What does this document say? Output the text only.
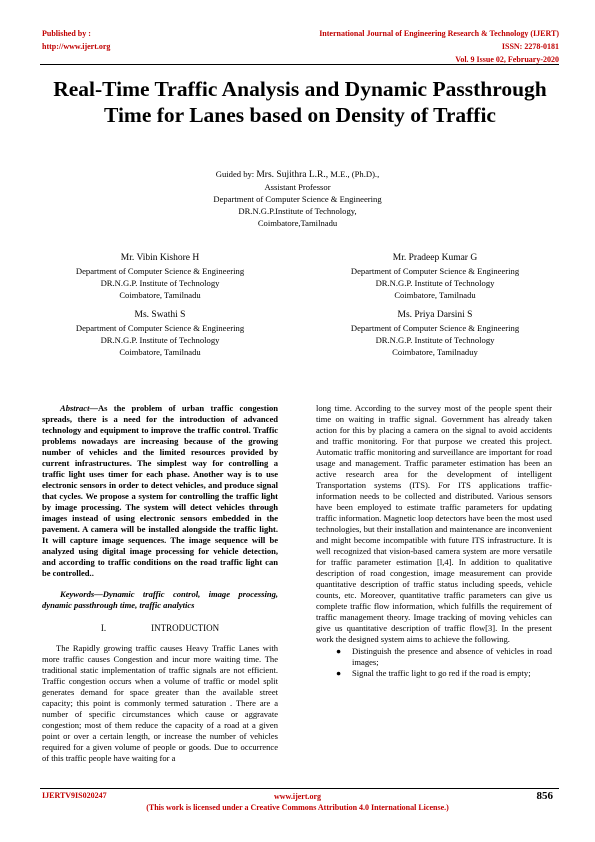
Published by :
http://www.ijert.org
International Journal of Engineering Research & Technology (IJERT)
ISSN: 2278-0181
Vol. 9 Issue 02, February-2020
Real-Time Traffic Analysis and Dynamic Passthrough Time for Lanes based on Density of Traffic
Guided by: Mrs. Sujithra L.R., M.E., (Ph.D).,
Assistant Professor
Department of Computer Science & Engineering
DR.N.G.P.Institute of Technology,
Coimbatore,Tamilnadu
Mr. Vibin Kishore H
Department of Computer Science & Engineering
DR.N.G.P. Institute of Technology
Coimbatore, Tamilnadu
Mr. Pradeep Kumar G
Department of Computer Science & Engineering
DR.N.G.P. Institute of Technology
Coimbatore, Tamilnadu
Ms. Swathi S
Department of Computer Science & Engineering
DR.N.G.P. Institute of Technology
Coimbatore, Tamilnadu
Ms. Priya Darsini S
Department of Computer Science & Engineering
DR.N.G.P. Institute of Technology
Coimbatore, Tamilnaduy

Abstract—As the problem of urban traffic congestion spreads, there is a need for the introduction of advanced technology and equipment to improve the traffic control. Traffic problems nowadays are increasing because of the growing number of vehicles and the limited resources provided by current infrastructures. The simplest way for controlling a traffic light uses timer for each phase. Another way is to use electronic sensors in order to detect vehicles, and produce signal that cycles. We propose a system for controlling the traffic light by image processing. The system will detect vehicles through images instead of using electronic sensors embedded in the pavement. A camera will be installed alongside the traffic light. It will capture image sequences. The image sequence will be analyzed using digital image processing for vehicle detection, and according to traffic conditions on the road traffic light can be controlled..

Keywords—Dynamic traffic control, image processing, dynamic passthrough time, traffic analytics

I.	INTRODUCTION

The Rapidly growing traffic causes Heavy Traffic Lanes with more traffic causes Congestion and incur more waiting time. The traditional static implementation of traffic signals are not efficient. Traffic congestion occurs when a volume of traffic or model split generates demand for space greater than the available street capacity; this point is commonly termed saturation . There are a number of specific circumstances which cause or aggravate congestion; most of them reduce the capacity of a road at a given point or over a certain length, or increase the number of vehicles required for a given volume of people or goods. Due to occurrence of this traffic people have waiting for a

long time. According to the survey most of the people spent their time on waiting in traffic signal. Government has already taken action for this by placing a camera on the signal to avoid accidents and traffic monitoring. For that purpose we created this project. Automatic traffic monitoring and surveillance are important for road usage and management. Traffic parameter estimation has been an active research area for the development of intelligent Transportation systems (ITS). For ITS applications traffic-information needs to be collected and distributed. Various sensors have been employed to estimate traffic parameters for updating traffic information. Magnetic loop detectors have been the most used technologies, but their installation and maintenance are inconvenient and might become incompatible with future ITS infrastructure. It is well recognized that vision-based camera system are more versatile for traffic parameter estimation [l,4]. In addition to qualitative description of road congestion, image measurement can provide quantitative description of traffic status including speeds, vehicle counts, etc. Moreover, quantitative traffic parameters can give us complete traffic flow information, which fulfills the requirement of traffic management theory. Image tracking of moving vehicles can give us quantitative description of traffic flow[3]. In the present work the designed system aims to achieve the following.

● Distinguish the presence and absence of vehicles in road images;
● Signal the traffic light to go red if the road is empty;
IJERTV9IS020247	www.ijert.org
(This work is licensed under a Creative Commons Attribution 4.0 International License.)
856
